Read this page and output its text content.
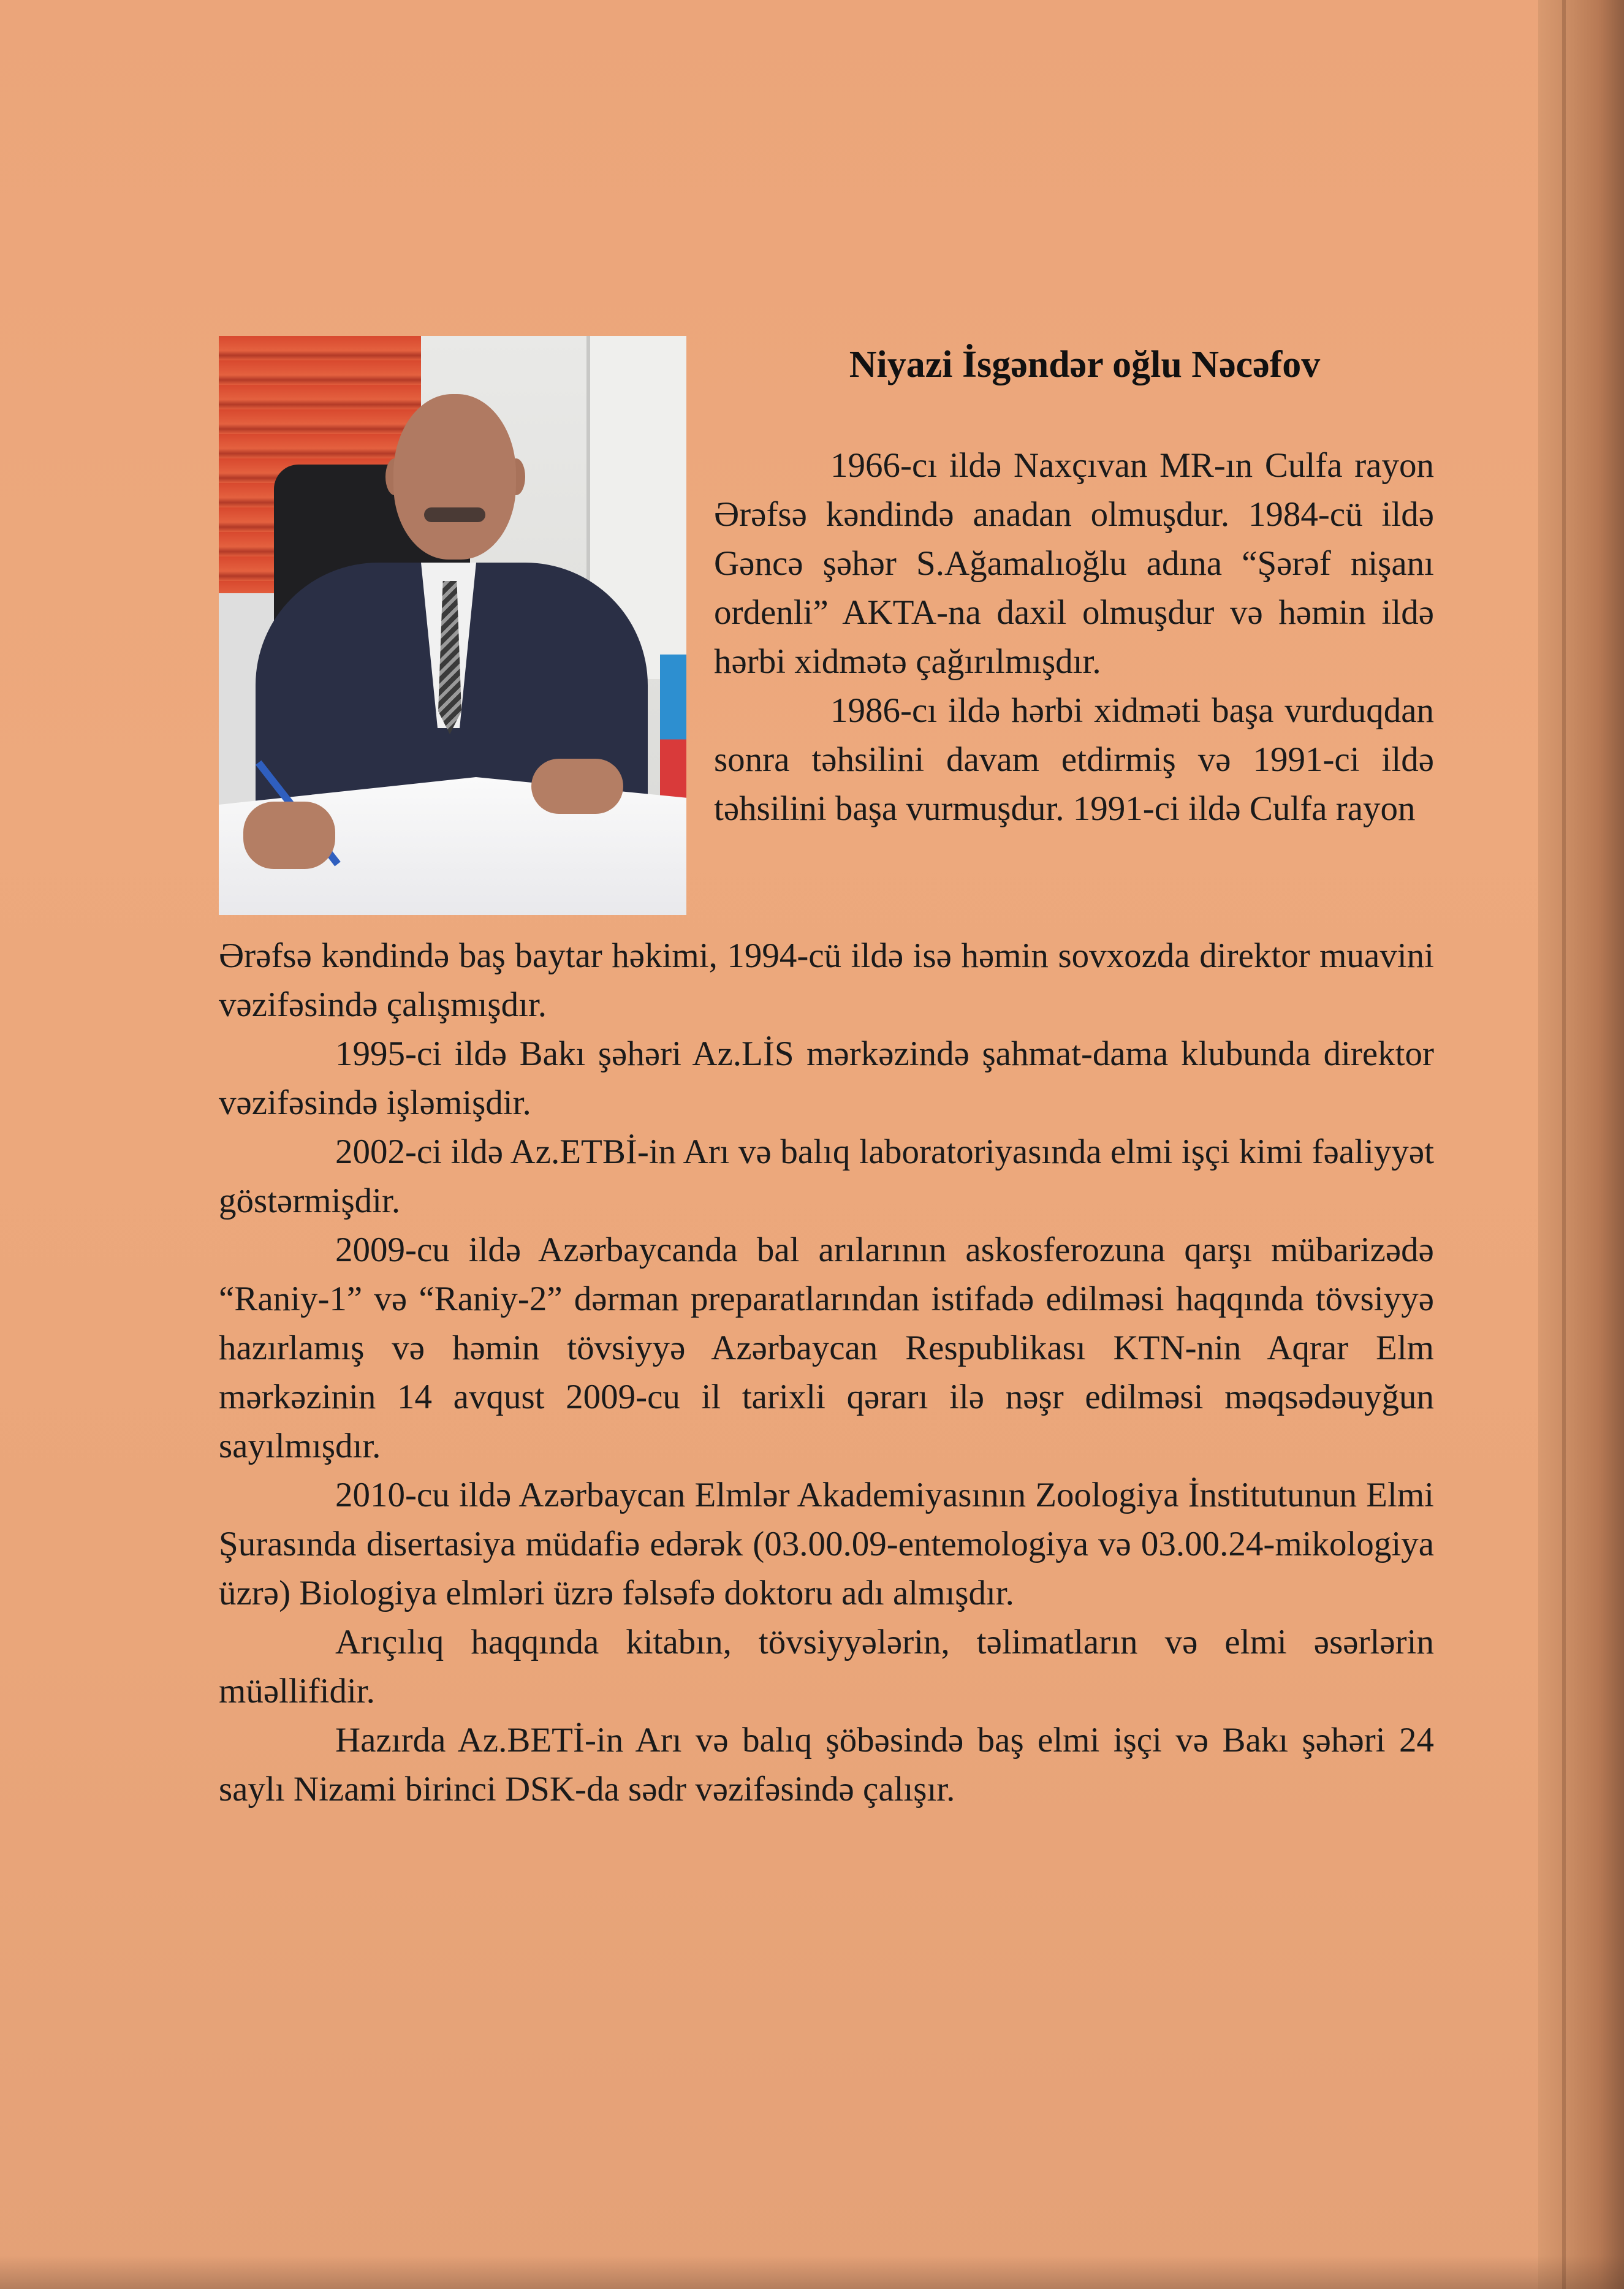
Niyazi İsgəndər oğlu Nəcəfov
1966-cı ildə Naxçıvan MR-ın Culfa rayon Ərəfsə kəndində anadan olmuşdur. 1984-cü ildə Gəncə şəhər S.Ağamalıoğlu adına “Şərəf nişanı ordenli” AKTA-na daxil olmuşdur və həmin ildə hərbi xidmətə çağırılmışdır.
1986-cı ildə hərbi xidməti başa vurduqdan sonra təhsilini davam etdirmiş və 1991-ci ildə təhsilini başa vurmuşdur. 1991-ci ildə Culfa rayon
Ərəfsə kəndində baş baytar həkimi, 1994-cü ildə isə həmin sovxozda direktor muavini vəzifəsində çalışmışdır.
1995-ci ildə Bakı şəhəri Az.LİS mərkəzində şahmat-dama klubunda direktor vəzifəsində işləmişdir.
2002-ci ildə Az.ETBİ-in Arı və balıq laboratoriyasında elmi işçi kimi fəaliyyət göstərmişdir.
2009-cu ildə Azərbaycanda bal arılarının askosferozuna qarşı mübarizədə “Raniy-1” və “Raniy-2” dərman preparatlarından istifadə edilməsi haqqında tövsiyyə hazırlamış və həmin tövsiyyə Azərbaycan Respublikası KTN-nin Aqrar Elm mərkəzinin 14 avqust 2009-cu il tarixli qərarı ilə nəşr edilməsi məqsədəuyğun sayılmışdır.
2010-cu ildə Azərbaycan Elmlər Akademiyasının Zoologiya İnstitutunun Elmi Şurasında disertasiya müdafiə edərək (03.00.09-entemologiya və 03.00.24-mikologiya üzrə) Biologiya elmləri üzrə fəlsəfə doktoru adı almışdır.
Arıçılıq haqqında kitabın, tövsiyyələrin, təlimatların və elmi əsərlərin müəllifidir.
Hazırda Az.BETİ-in Arı və balıq şöbəsində baş elmi işçi və Bakı şəhəri 24 saylı Nizami birinci DSK-da sədr vəzifəsində çalışır.
